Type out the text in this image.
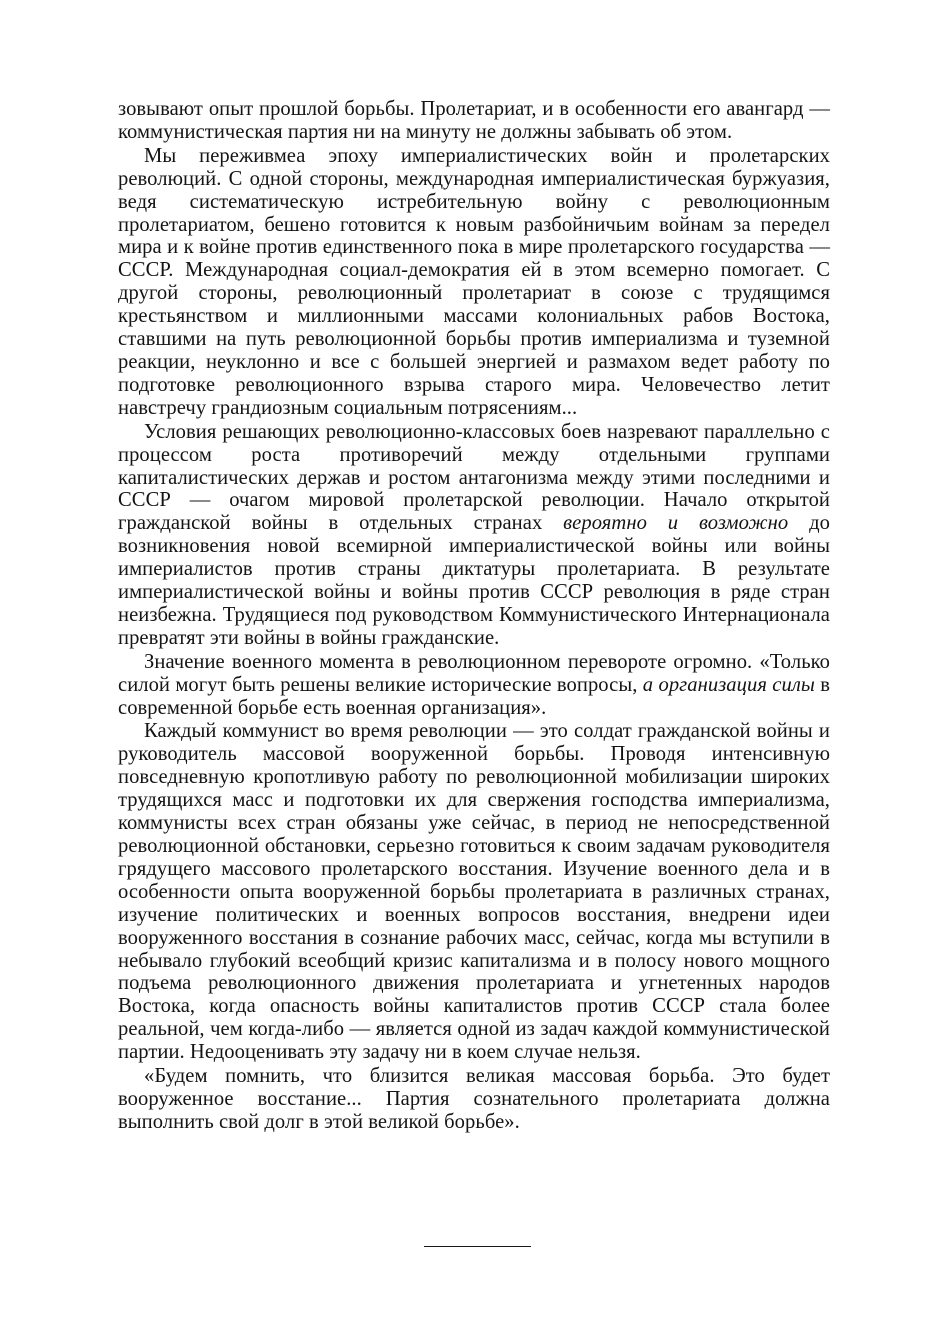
зовывают опыт прошлой борьбы. Пролетариат, и в особенности его авангард — коммунистическая партия ни на минуту не должны забывать об этом.

Мы переживмеа эпоху империалистических войн и пролетарских революций. С одной стороны, международная империалистическая буржуазия, ведя систематическую истребительную войну с революционным пролетариатом, бешено готовится к новым разбойничьим войнам за передел мира и к войне против единственного пока в мире пролетарского государства — СССР. Международная социал-демократия ей в этом всемерно помогает. С другой стороны, революционный пролетариат в союзе с трудящимся крестьянством и миллионными массами колониальных рабов Востока, ставшими на путь революционной борьбы против империализма и туземной реакции, неуклонно и все с большей энергией и размахом ведет работу по подготовке революционного взрыва старого мира. Человечество летит навстречу грандиозным социальным потрясениям...

Условия решающих революционно-классовых боев назревают параллельно с процессом роста противоречий между отдельными группами капиталистических держав и ростом антагонизма между этими последними и СССР — очагом мировой пролетарской революции. Начало открытой гражданской войны в отдельных странах вероятно и возможно до возникновения новой всемирной империалистической войны или войны империалистов против страны диктатуры пролетариата. В результате империалистической войны и войны против СССР революция в ряде стран неизбежна. Трудящиеся под руководством Коммунистического Интернационала превратят эти войны в войны гражданские.

Значение военного момента в революционном перевороте огромно. «Только силой могут быть решены великие исторические вопросы, а организация силы в современной борьбе есть военная организация».

Каждый коммунист во время революции — это солдат гражданской войны и руководитель массовой вооруженной борьбы. Проводя интенсивную повседневную кропотливую работу по революционной мобилизации широких трудящихся масс и подготовки их для свержения господства империализма, коммунисты всех стран обязаны уже сейчас, в период не непосредственной революционной обстановки, серьезно готовиться к своим задачам руководителя грядущего массового пролетарского восстания. Изучение военного дела и в особенности опыта вооруженной борьбы пролетариата в различных странах, изучение политических и военных вопросов восстания, внедрени идеи вооруженного восстания в сознание рабочих масс, сейчас, когда мы вступили в небывало глубокий всеобщий кризис капитализма и в полосу нового мощного подъема революционного движения пролетариата и угнетенных народов Востока, когда опасность войны капиталистов против СССР стала более реальной, чем когда-либо — является одной из задач каждой коммунистической партии. Недооценивать эту задачу ни в коем случае нельзя.

«Будем помнить, что близится великая массовая борьба. Это будет вооруженное восстание... Партия сознательного пролетариата должна выполнить свой долг в этой великой борьбе».
